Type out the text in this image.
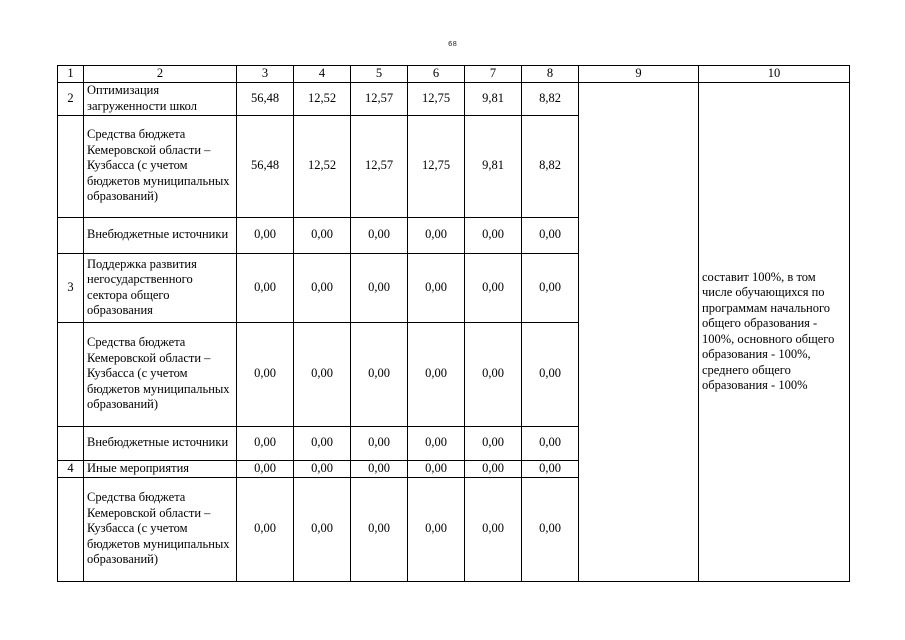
68
1	2	3	4	5	6	7	8	9	10
2	Оптимизация загруженности школ	56,48	12,52	12,57	12,75	9,81	8,82		составит 100%, в том числе обучающихся по программам начального общего образования - 100%, основного общего образования - 100%, среднего общего образования - 100%
	Средства бюджета Кемеровской области – Кузбасса (с учетом бюджетов муниципальных образований)	56,48	12,52	12,57	12,75	9,81	8,82		
	Внебюджетные источники	0,00	0,00	0,00	0,00	0,00	0,00		
3	Поддержка развития негосударственного сектора общего образования	0,00	0,00	0,00	0,00	0,00	0,00		
	Средства бюджета Кемеровской области – Кузбасса (с учетом бюджетов муниципальных образований)	0,00	0,00	0,00	0,00	0,00	0,00		
	Внебюджетные источники	0,00	0,00	0,00	0,00	0,00	0,00		
4	Иные мероприятия	0,00	0,00	0,00	0,00	0,00	0,00		
	Средства бюджета Кемеровской области – Кузбасса (с учетом бюджетов муниципальных образований)	0,00	0,00	0,00	0,00	0,00	0,00		
